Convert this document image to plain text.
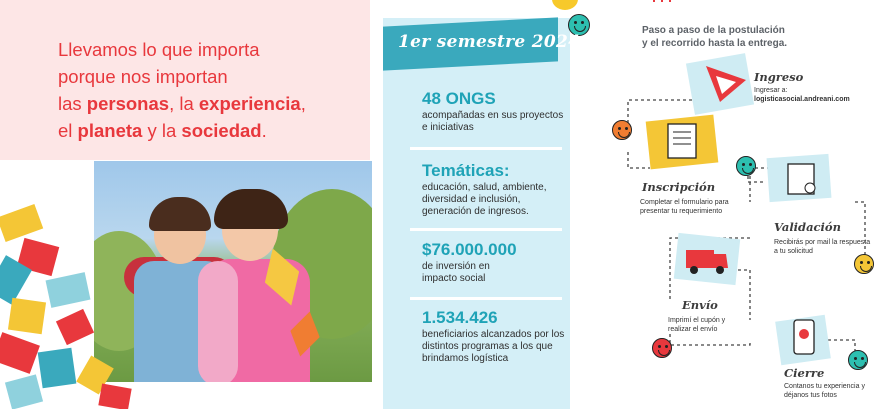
Llevamos lo que importa
porque nos importan
las personas, la experiencia,
el planeta y la sociedad.
1er semestre 2024
48 ONGS
acompañadas en sus proyectos e iniciativas
Temáticas:
educación, salud, ambiente, diversidad e inclusión, generación de ingresos.
$76.000.000
de inversión en impacto social
1.534.426
beneficiarios alcanzados por los distintos programas a los que brindamos logística
Paso a paso de la postulación
y el recorrido hasta la entrega.
Ingreso
Ingresar a:
logisticasocial.andreani.com
Inscripción
Completar el formulario para presentar tu requerimiento
Validación
Recibirás por mail la respuesta a tu solicitud
Envío
Imprimí el cupón y realizar el envío
Cierre
Contanos tu experiencia y déjanos tus fotos
